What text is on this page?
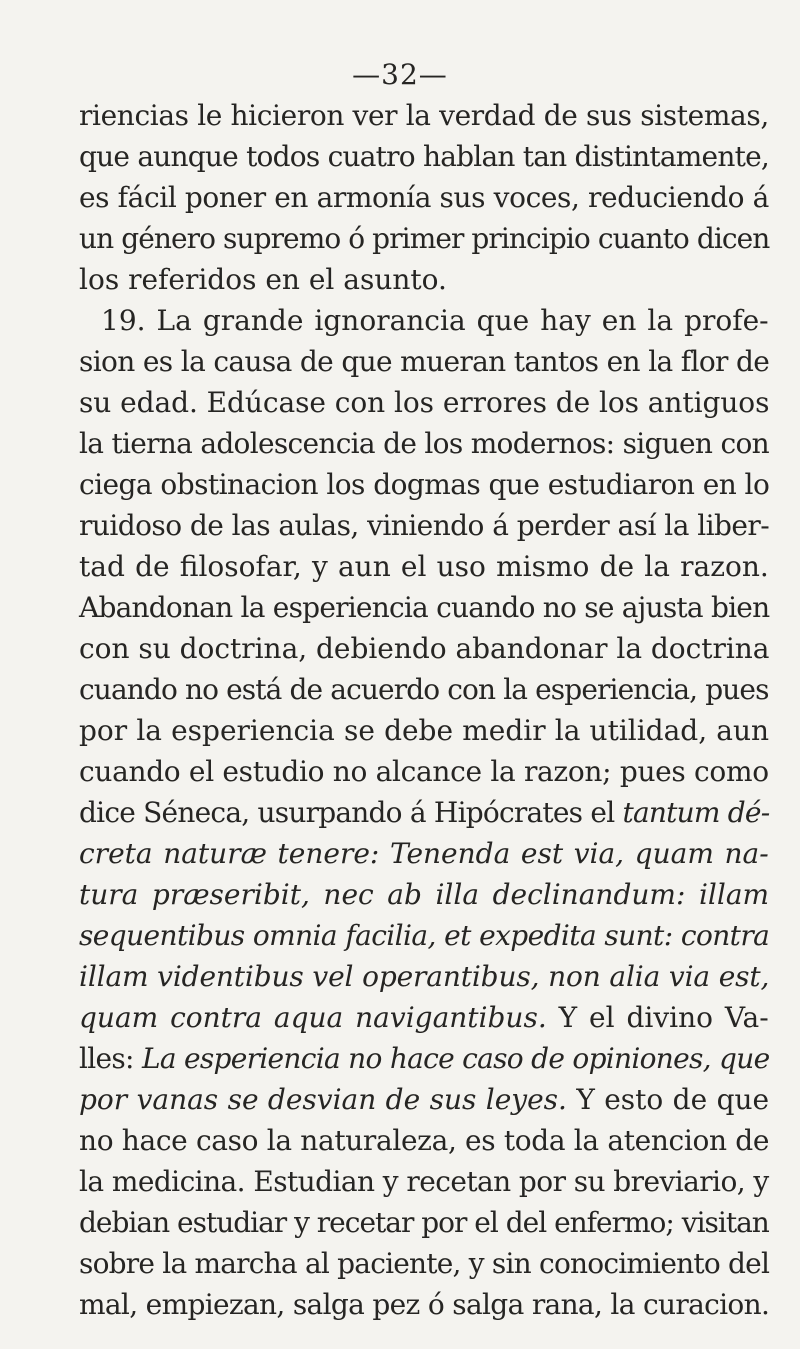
—32—
riencias le hicieron ver la verdad de sus sistemas,
que aunque todos cuatro hablan tan distintamente,
es fácil poner en armonía sus voces, reduciendo á
un género supremo ó primer principio cuanto dicen
los referidos en el asunto.
19. La grande ignorancia que hay en la profe-
sion es la causa de que mueran tantos en la flor de
su edad. Edúcase con los errores de los antiguos
la tierna adolescencia de los modernos: siguen con
ciega obstinacion los dogmas que estudiaron en lo
ruidoso de las aulas, viniendo á perder así la liber-
tad de filosofar, y aun el uso mismo de la razon.
Abandonan la esperiencia cuando no se ajusta bien
con su doctrina, debiendo abandonar la doctrina
cuando no está de acuerdo con la esperiencia, pues
por la esperiencia se debe medir la utilidad, aun
cuando el estudio no alcance la razon; pues como
dice Séneca, usurpando á Hipócrates el tantum dé-
creta naturæ tenere: Tenenda est via, quam na-
tura præseribit, nec ab illa declinandum: illam
sequentibus omnia facilia, et expedita sunt: contra
illam videntibus vel operantibus, non alia via est,
quam contra aqua navigantibus. Y el divino Va-
lles: La esperiencia no hace caso de opiniones, que
por vanas se desvian de sus leyes. Y esto de que
no hace caso la naturaleza, es toda la atencion de
la medicina. Estudian y recetan por su breviario, y
debian estudiar y recetar por el del enfermo; visitan
sobre la marcha al paciente, y sin conocimiento del
mal, empiezan, salga pez ó salga rana, la curacion.
